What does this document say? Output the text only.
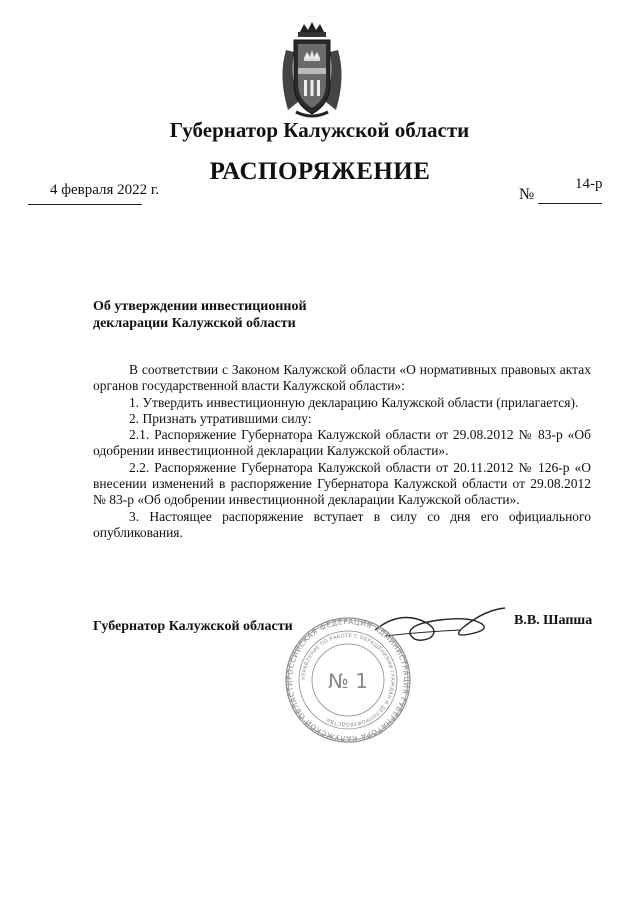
Губернатор Калужской области
РАСПОРЯЖЕНИЕ
4 февраля 2022 г.	№
14-р
Об утверждении инвестиционной
декларации Калужской области

В соответствии с Законом Калужской области «О нормативных правовых актах органов государственной власти Калужской области»:

1. Утвердить инвестиционную декларацию Калужской области (прилагается).

2. Признать утратившими силу:

2.1. Распоряжение Губернатора Калужской области от 29.08.2012 № 83-р «Об одобрении инвестиционной декларации Калужской области».

2.2. Распоряжение Губернатора Калужской области от 20.11.2012 № 126-р «О внесении изменений в распоряжение Губернатора Калужской области от 29.08.2012 № 83-р «Об одобрении инвестиционной декларации Калужской области».

3. Настоящее распоряжение вступает в силу со дня его официального опубликования.

Губернатор Калужской области	В.В. Шапша
РОССИЙСКАЯ ФЕДЕРАЦИЯ АДМИНИСТРАЦИЯ ГУБЕРНАТОРА КАЛУЖСКОЙ ОБЛАСТИ
УПРАВЛЕНИЕ ПО РАБОТЕ С ОБРАЩЕНИЯМИ ГРАЖДАН И ДЕЛОПРОИЗВОДСТВА
№ 1
